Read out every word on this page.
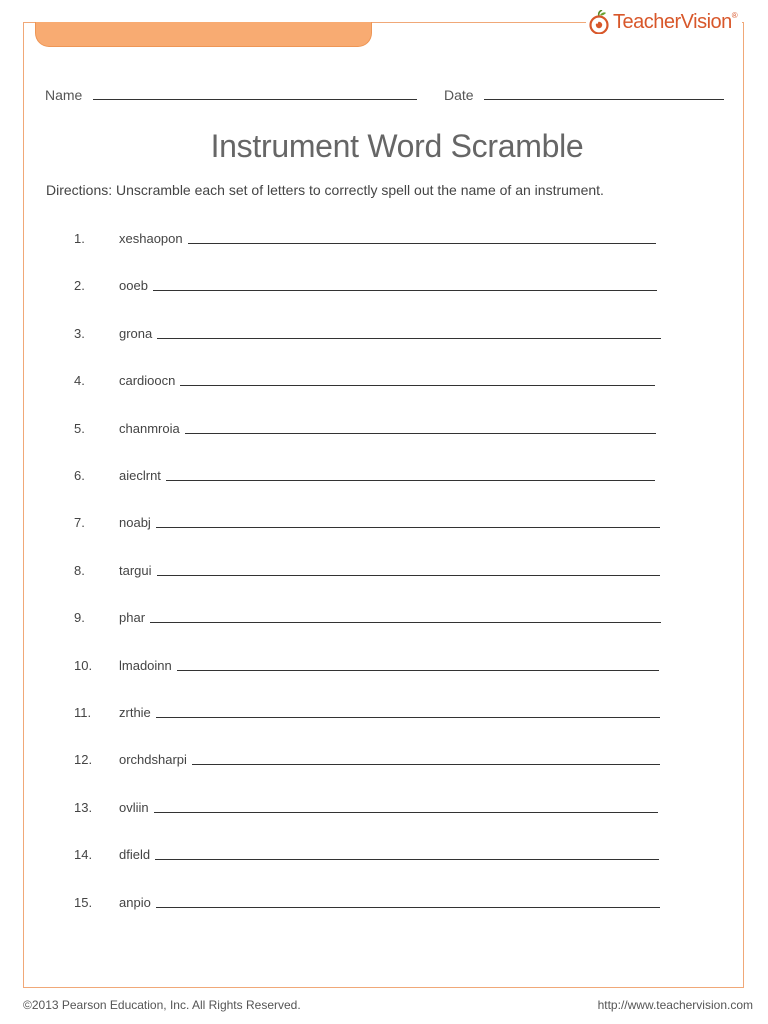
TeacherVision ®
Name	Date
Instrument Word Scramble
Directions: Unscramble each set of letters to correctly spell out the name of an instrument.
1.	xeshaopon
2.	ooeb
3.	grona
4.	cardioocn
5.	chanmroia
6.	aieclrnt
7.	noabj
8.	targui
9.	phar
10.	lmadoinn
11.	zrthie
12.	orchdsharpi
13.	ovliin
14.	dfield
15.	anpio
©2013 Pearson Education, Inc. All Rights Reserved.	http://www.teachervision.com
